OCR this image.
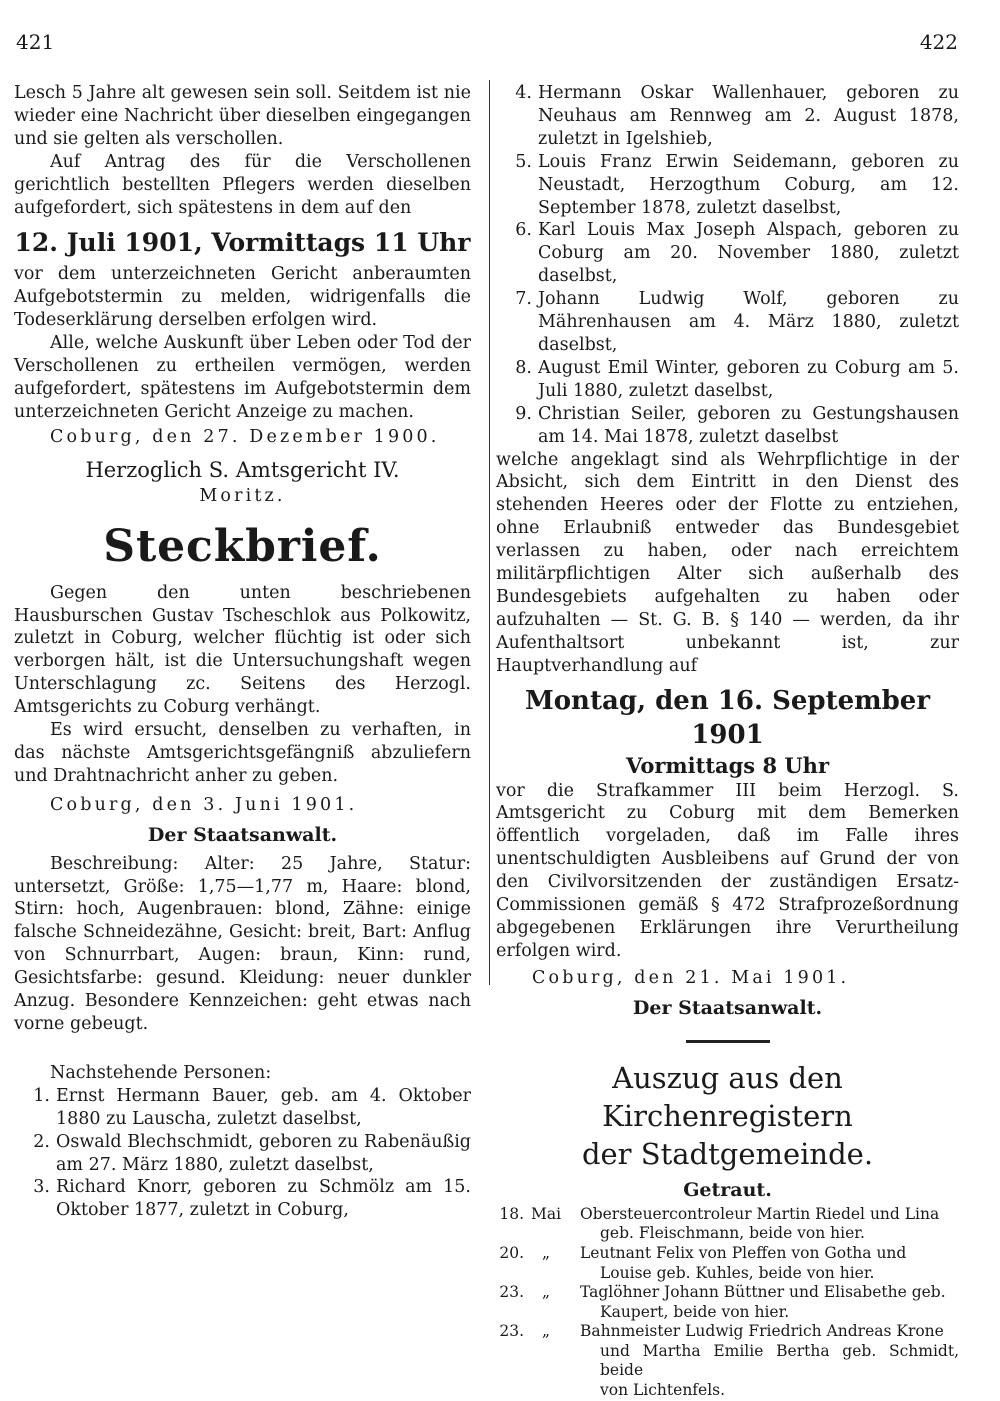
421	422

Lesch 5 Jahre alt gewesen sein soll. Seitdem ist nie wieder eine Nachricht über dieselben eingegangen und sie gelten als verschollen.

Auf Antrag des für die Verschollenen gerichtlich bestellten Pflegers werden dieselben aufgefordert, sich spätestens in dem auf den

12. Juli 1901, Vormittags 11 Uhr

vor dem unterzeichneten Gericht anberaumten Aufgebotstermin zu melden, widrigenfalls die Todeserklärung derselben erfolgen wird.

Alle, welche Auskunft über Leben oder Tod der Verschollenen zu ertheilen vermögen, werden aufgefordert, spätestens im Aufgebotstermin dem unterzeichneten Gericht Anzeige zu machen.

Coburg, den 27. Dezember 1900.

Herzoglich S. Amtsgericht IV.

Moritz.

Steckbrief.

Gegen den unten beschriebenen Hausburschen Gustav Tscheschlok aus Polkowitz, zuletzt in Coburg, welcher flüchtig ist oder sich verborgen hält, ist die Untersuchungshaft wegen Unterschlagung zc. Seitens des Herzogl. Amtsgerichts zu Coburg verhängt.

Es wird ersucht, denselben zu verhaften, in das nächste Amtsgerichtsgefängniß abzuliefern und Drahtnachricht anher zu geben.

Coburg, den 3. Juni 1901.

Der Staatsanwalt.

Beschreibung: Alter: 25 Jahre, Statur: untersetzt, Größe: 1,75—1,77 m, Haare: blond, Stirn: hoch, Augenbrauen: blond, Zähne: einige falsche Schneidezähne, Gesicht: breit, Bart: Anflug von Schnurrbart, Augen: braun, Kinn: rund, Gesichtsfarbe: gesund. Kleidung: neuer dunkler Anzug. Besondere Kennzeichen: geht etwas nach vorne gebeugt.

Nachstehende Personen:

1. Ernst Hermann Bauer, geb. am 4. Oktober 1880 zu Lauscha, zuletzt daselbst,
2. Oswald Blechschmidt, geboren zu Rabenäußig am 27. März 1880, zuletzt daselbst,
3. Richard Knorr, geboren zu Schmölz am 15. Oktober 1877, zuletzt in Coburg,
4. Hermann Oskar Wallenhauer, geboren zu Neuhaus am Rennweg am 2. August 1878, zuletzt in Igelshieb,
5. Louis Franz Erwin Seidemann, geboren zu Neustadt, Herzogthum Coburg, am 12. September 1878, zuletzt daselbst,
6. Karl Louis Max Joseph Alspach, geboren zu Coburg am 20. November 1880, zuletzt daselbst,
7. Johann Ludwig Wolf, geboren zu Mährenhausen am 4. März 1880, zuletzt daselbst,
8. August Emil Winter, geboren zu Coburg am 5. Juli 1880, zuletzt daselbst,
9. Christian Seiler, geboren zu Gestungshausen am 14. Mai 1878, zuletzt daselbst

welche angeklagt sind als Wehrpflichtige in der Absicht, sich dem Eintritt in den Dienst des stehenden Heeres oder der Flotte zu entziehen, ohne Erlaubniß entweder das Bundesgebiet verlassen zu haben, oder nach erreichtem militärpflichtigen Alter sich außerhalb des Bundesgebiets aufgehalten zu haben oder aufzuhalten — St. G. B. § 140 — werden, da ihr Aufenthaltsort unbekannt ist, zur Hauptverhandlung auf

Montag, den 16. September 1901

Vormittags 8 Uhr

vor die Strafkammer III beim Herzogl. S. Amtsgericht zu Coburg mit dem Bemerken öffentlich vorgeladen, daß im Falle ihres unentschuldigten Ausbleibens auf Grund der von den Civilvorsitzenden der zuständigen Ersatz-Commissionen gemäß § 472 Strafprozeßordnung abgegebenen Erklärungen ihre Verurtheilung erfolgen wird.

Coburg, den 21. Mai 1901.

Der Staatsanwalt.

Auszug aus den Kirchenregistern

der Stadtgemeinde.

Getraut.

18. Mai	Obersteuercontroleur Martin Riedel und Lina
geb. Fleischmann, beide von hier.
20. „	Leutnant Felix von Pleffen von Gotha und
Louise geb. Kuhles, beide von hier.
23. „	Taglöhner Johann Büttner und Elisabethe geb.
Kaupert, beide von hier.
23. „	Bahnmeister Ludwig Friedrich Andreas Krone
und Martha Emilie Bertha geb. Schmidt, beide
von Lichtenfels.
